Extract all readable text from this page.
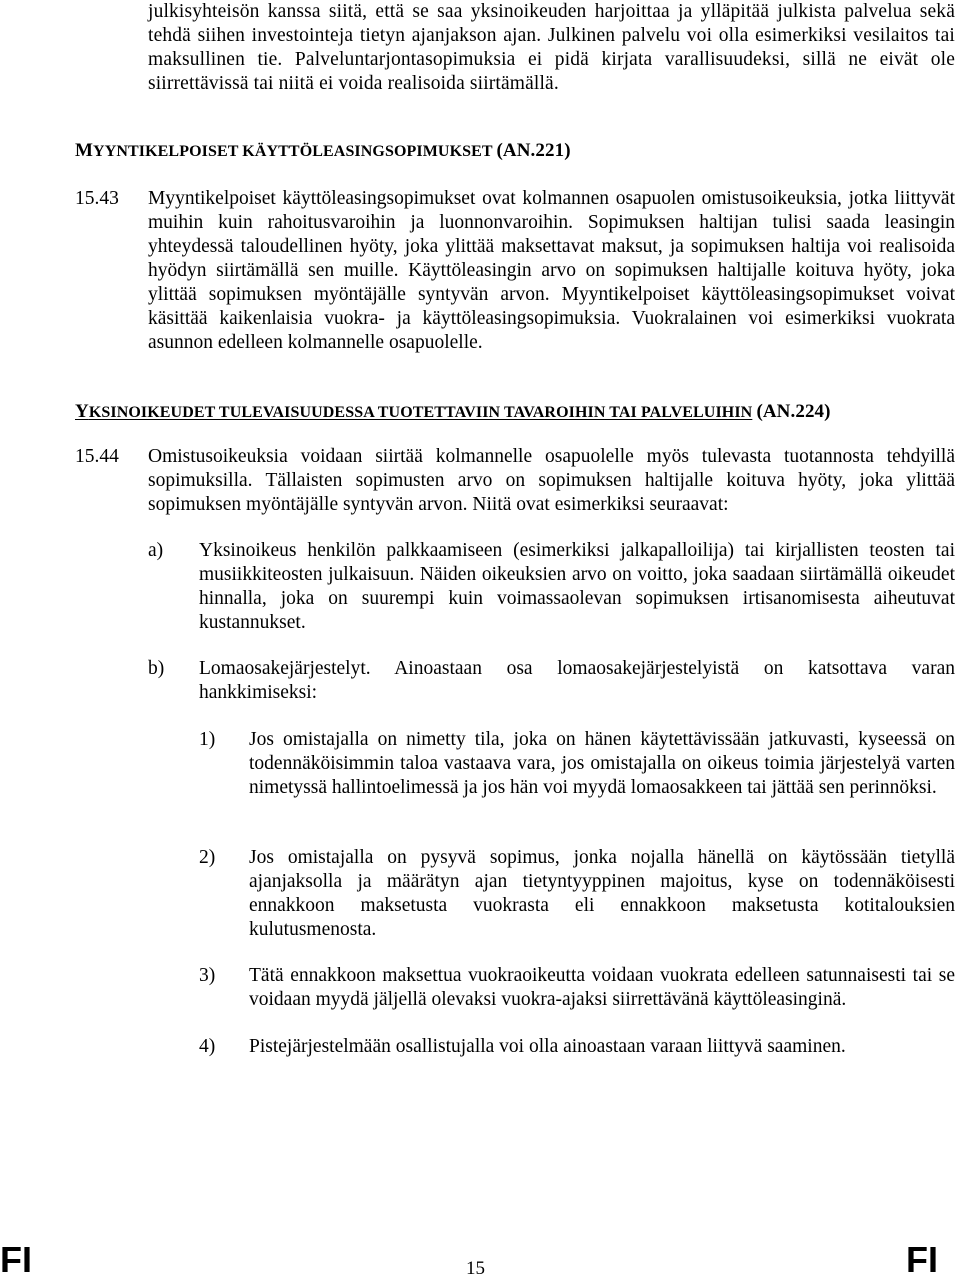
julkisyhteisön kanssa siitä, että se saa yksinoikeuden harjoittaa ja ylläpitää julkista palvelua sekä tehdä siihen investointeja tietyn ajanjakson ajan. Julkinen palvelu voi olla esimerkiksi vesilaitos tai maksullinen tie. Palveluntarjontasopimuksia ei pidä kirjata varallisuudeksi, sillä ne eivät ole siirrettävissä tai niitä ei voida realisoida siirtämällä.

MYYNTIKELPOISET KÄYTTÖLEASINGSOPIMUKSET (AN.221)
15.43 Myyntikelpoiset käyttöleasingsopimukset ovat kolmannen osapuolen omistusoikeuksia, jotka liittyvät muihin kuin rahoitusvaroihin ja luonnonvaroihin. Sopimuksen haltijan tulisi saada leasingin yhteydessä taloudellinen hyöty, joka ylittää maksettavat maksut, ja sopimuksen haltija voi realisoida hyödyn siirtämällä sen muille. Käyttöleasingin arvo on sopimuksen haltijalle koituva hyöty, joka ylittää sopimuksen myöntäjälle syntyvän arvon. Myyntikelpoiset käyttöleasingsopimukset voivat käsittää kaikenlaisia vuokra- ja käyttöleasingsopimuksia. Vuokralainen voi esimerkiksi vuokrata asunnon edelleen kolmannelle osapuolelle.

YKSINOIKEUDET TULEVAISUUDESSA TUOTETTAVIIN TAVAROIHIN TAI PALVELUIHIN (AN.224)
15.44 Omistusoikeuksia voidaan siirtää kolmannelle osapuolelle myös tulevasta tuotannosta tehdyillä sopimuksilla. Tällaisten sopimusten arvo on sopimuksen haltijalle koituva hyöty, joka ylittää sopimuksen myöntäjälle syntyvän arvon. Niitä ovat esimerkiksi seuraavat:

a) Yksinoikeus henkilön palkkaamiseen (esimerkiksi jalkapalloilija) tai kirjallisten teosten tai musiikkiteosten julkaisuun. Näiden oikeuksien arvo on voitto, joka saadaan siirtämällä oikeudet hinnalla, joka on suurempi kuin voimassaolevan sopimuksen irtisanomisesta aiheutuvat kustannukset.

b) Lomaosakejärjestelyt. Ainoastaan osa lomaosakejärjestelyistä on katsottava varan hankkimiseksi:

1) Jos omistajalla on nimetty tila, joka on hänen käytettävissään jatkuvasti, kyseessä on todennäköisimmin taloa vastaava vara, jos omistajalla on oikeus toimia järjestelyä varten nimetyssä hallintoelimessä ja jos hän voi myydä lomaosakkeen tai jättää sen perinnöksi.

2) Jos omistajalla on pysyvä sopimus, jonka nojalla hänellä on käytössään tietyllä ajanjaksolla ja määrätyn ajan tietyntyyppinen majoitus, kyse on todennäköisesti ennakkoon maksetusta vuokrasta eli ennakkoon maksetusta kotitalouksien kulutusmenosta.

3) Tätä ennakkoon maksettua vuokraoikeutta voidaan vuokrata edelleen satunnaisesti tai se voidaan myydä jäljellä olevaksi vuokra-ajaksi siirrettävänä käyttöleasinginä.

4) Pistejärjestelmään osallistujalla voi olla ainoastaan varaan liittyvä saaminen.

FI	15	FI
